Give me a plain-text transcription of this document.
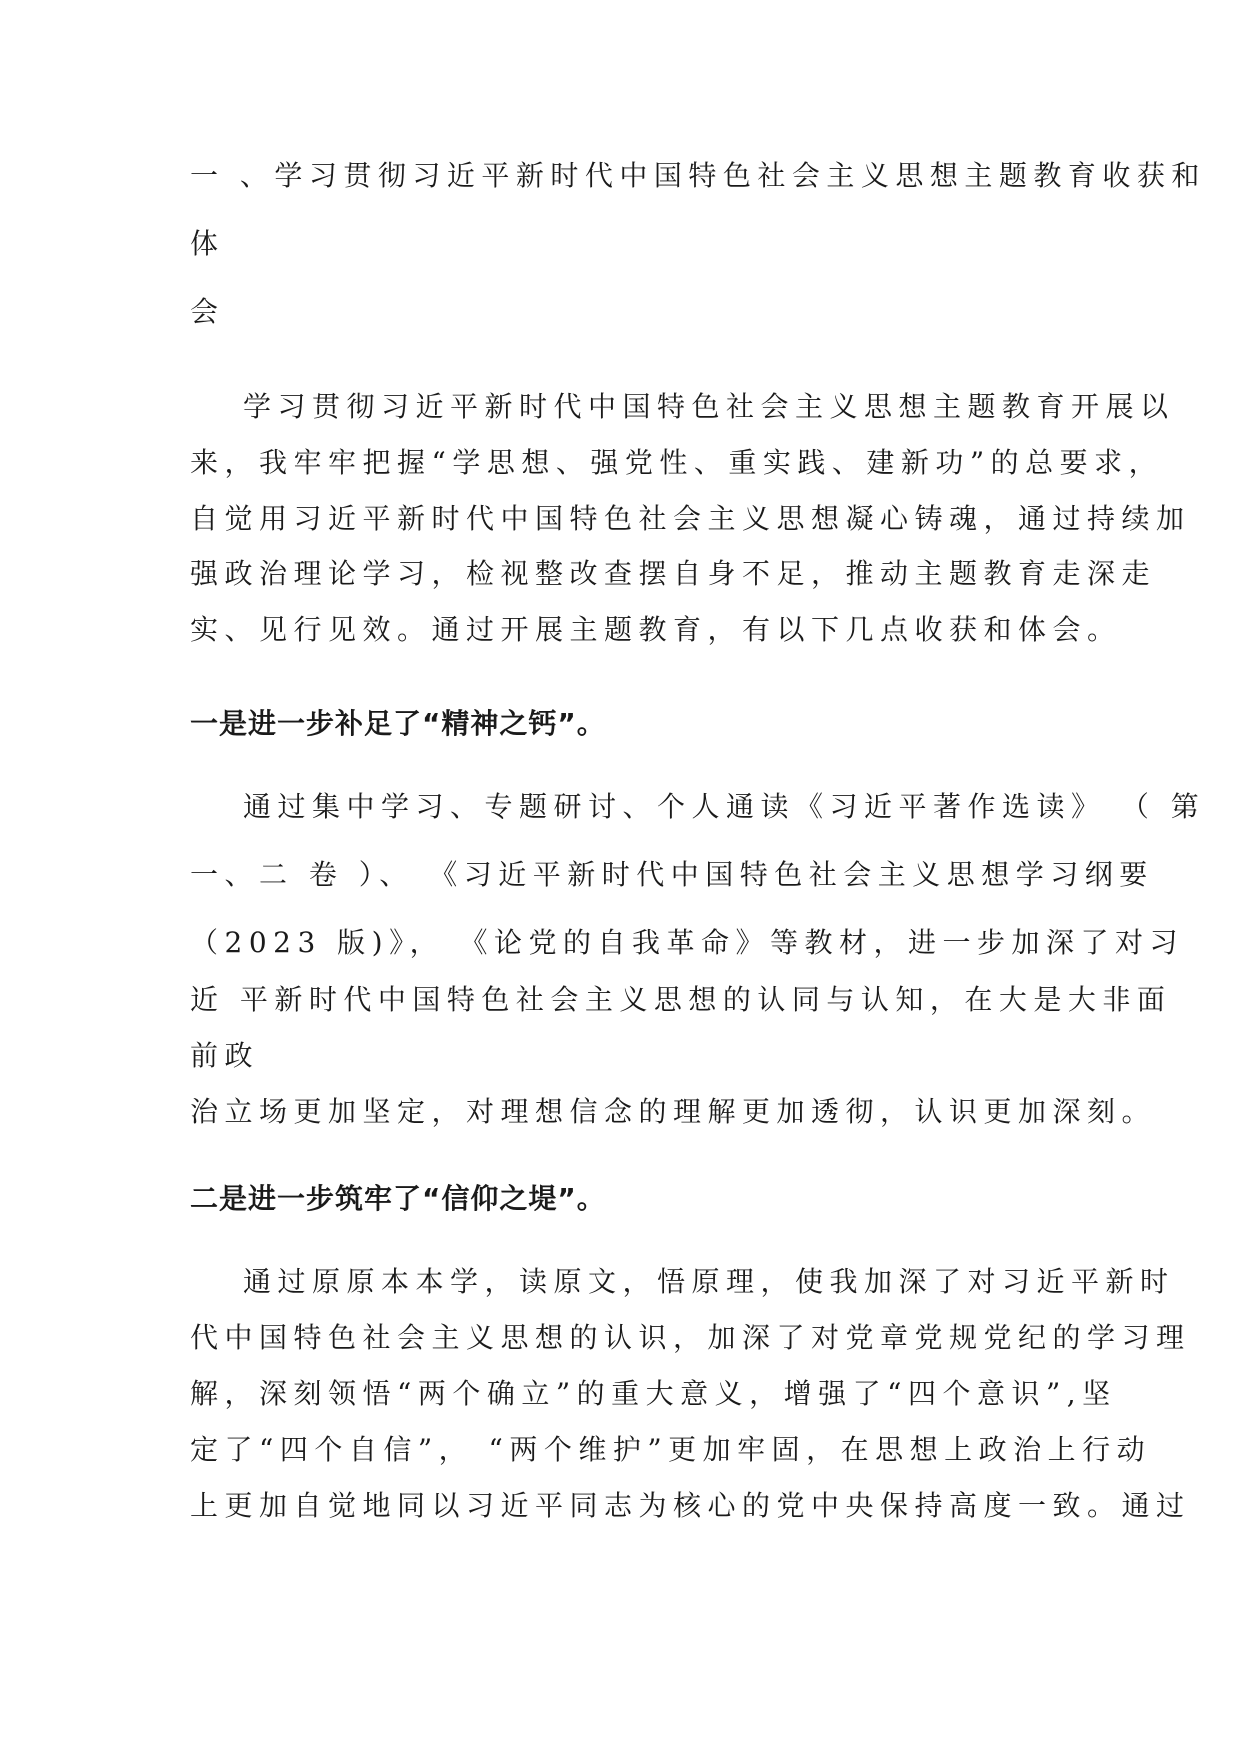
一 、学习贯彻习近平新时代中国特色社会主义思想主题教育收获和
体
会
学习贯彻习近平新时代中国特色社会主义思想主题教育开展以
来，我牢牢把握“学思想、强党性、重实践、建新功”的总要求，
自觉用习近平新时代中国特色社会主义思想凝心铸魂，通过持续加
强政治理论学习，检视整改查摆自身不足，推动主题教育走深走
实、见行见效。通过开展主题教育，有以下几点收获和体会。
一是进一步补足了“精神之钙”。
通过集中学习、专题研讨、个人通读《习近平著作选读》 （ 第
一、二 卷 ）、 《习近平新时代中国特色社会主义思想学习纲要
（2023 版)》， 《论党的自我革命》等教材，进一步加深了对习
近 平新时代中国特色社会主义思想的认同与认知，在大是大非面
前政
治立场更加坚定，对理想信念的理解更加透彻，认识更加深刻。
二是进一步筑牢了“信仰之堤”。
通过原原本本学，读原文，悟原理，使我加深了对习近平新时
代中国特色社会主义思想的认识，加深了对党章党规党纪的学习理
解，深刻领悟“两个确立”的重大意义，增强了“四个意识”,坚
定了“四个自信”， “两个维护”更加牢固，在思想上政治上行动
上更加自觉地同以习近平同志为核心的党中央保持高度一致。通过
